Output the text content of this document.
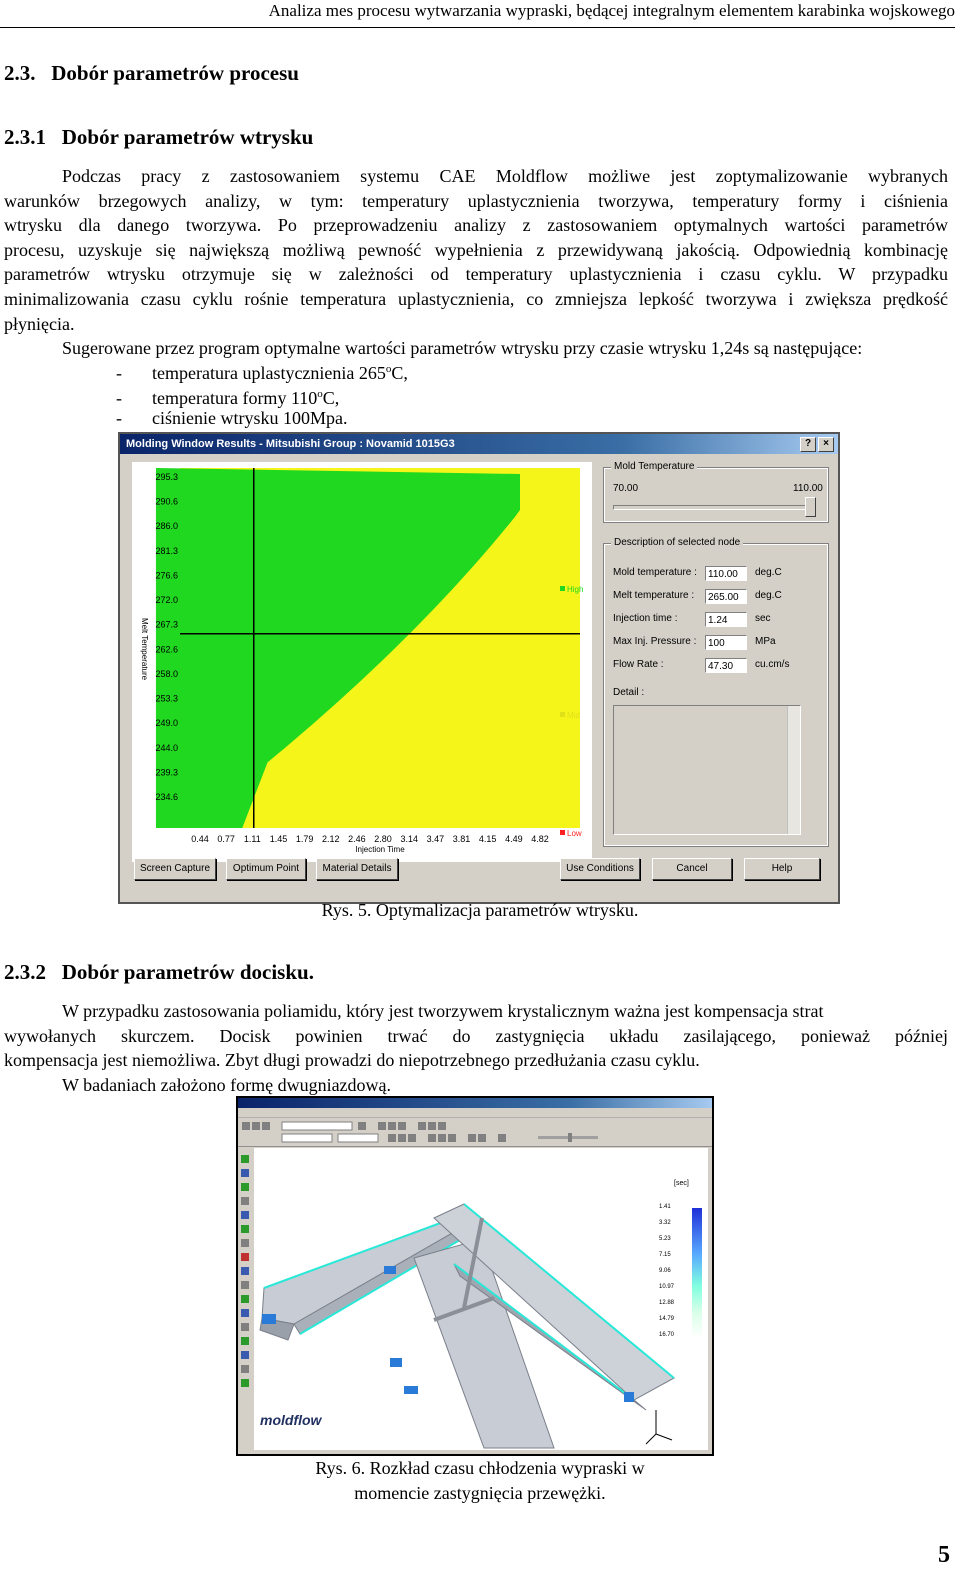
Analiza mes procesu wytwarzania wypraski, będącej integralnym elementem karabinka wojskowego
2.3.   Dobór parametrów procesu
2.3.1   Dobór parametrów wtrysku
Podczas pracy z zastosowaniem systemu CAE Moldflow możliwe jest zoptymalizowanie wybranych
warunków brzegowych analizy, w tym: temperatury uplastycznienia tworzywa, temperatury formy i ciśnienia
wtrysku dla danego tworzywa. Po przeprowadzeniu analizy z zastosowaniem optymalnych wartości parametrów
procesu, uzyskuje się największą możliwą pewność wypełnienia z przewidywaną jakością. Odpowiednią kombinację
parametrów wtrysku otrzymuje się w zależności od temperatury uplastycznienia i czasu cyklu. W przypadku
minimalizowania czasu cyklu rośnie temperatura uplastycznienia, co zmniejsza lepkość tworzywa i zwiększa prędkość
płynięcia.
Sugerowane przez program optymalne wartości parametrów wtrysku przy czasie wtrysku 1,24s są następujące:
- temperatura uplastycznienia 265$^o$C,
- temperatura formy 110$^o$C,
- ciśnienie wtrysku 100Mpa.
Molding Window Results - Mitsubishi Group : Novamid 1015G3	?	×
295.3
290.6
286.0
281.3
276.6
272.0
267.3
262.6
258.0
253.3
249.0
244.0
239.3
234.6
0.44 0.77 1.11 1.45 1.79 2.12 2.46 2.80 3.14 3.47 3.81 4.15 4.49 4.82
Injection Time
Melt Temperature
High
Mid
Low
Mold Temperature
70.00	110.00
Description of selected node
Mold temperature :	110.00	deg.C
Melt temperature :	265.00	deg.C
Injection time :	1.24	sec
Max Inj. Pressure :	100	MPa
Flow Rate :	47.30	cu.cm/s
Detail :
Screen Capture	Optimum Point	Material Details	Use Conditions	Cancel	Help
Rys. 5. Optymalizacja parametrów wtrysku.
2.3.2   Dobór parametrów docisku.
W przypadku zastosowania poliamidu, który jest tworzywem krystalicznym ważna jest kompensacja strat
wywołanych skurczem. Docisk powinien trwać do zastygnięcia układu zasilającego, ponieważ później
kompensacja jest niemożliwa. Zbyt długi prowadzi do niepotrzebnego przedłużania czasu cyklu.
W badaniach założono formę dwugniazdową.
[sec]
1.41
3.32
5.23
7.15
9.06
10.97
12.88
14.79
16.70
moldflow
Rys. 6. Rozkład czasu chłodzenia wypraski w
momencie zastygnięcia przewężki.
5
